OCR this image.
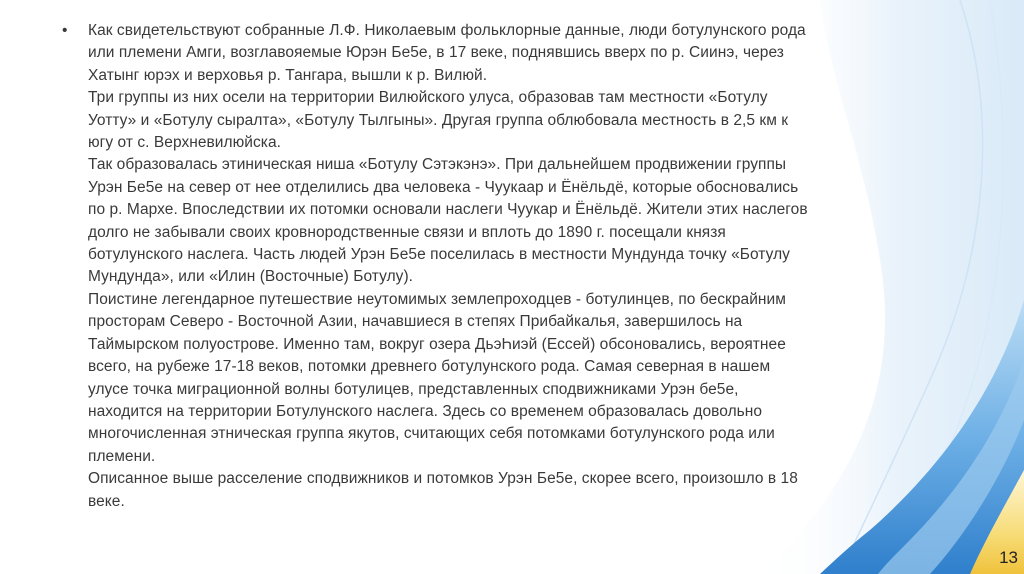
•	Как свидетельствуют собранные Л.Ф. Николаевым фольклорные данные, люди ботулунского рода
или племени Амги, возглавояемые Юрэн Бе5е, в 17 веке, поднявшись вверх по р. Сиинэ, через
Хатынг юрэх и верховья р. Тангара, вышли к р. Вилюй.
Три группы из них осели на территории Вилюйского улуса, образовав там местности «Ботулу
Уотту» и «Ботулу сыралта», «Ботулу Тылгыны». Другая группа облюбовала местность в 2,5 км к
югу от с. Верхневилюйска.
Так образовалась этиническая ниша «Ботулу Сэтэкэнэ». При дальнейшем продвижении группы
Урэн Бе5е на север от нее отделились два человека - Чуукаар и Ёнёльдё, которые обосновались
по р. Мархе. Впоследствии их потомки основали наслеги Чуукар и Ёнёльдё. Жители этих наслегов
долго не забывали своих кровнородственные связи и вплоть до 1890 г. посещали князя
ботулунского наслега. Часть людей Урэн Бе5е поселилась в местности Мундунда точку «Ботулу
Мундунда», или «Илин (Восточные) Ботулу).
Поистине легендарное путешествие неутомимых землепроходцев - ботулинцев, по бескрайним
просторам Северо - Восточной Азии, начавшиеся в степях Прибайкалья, завершилось на
Таймырском полуострове. Именно там, вокруг озера ДьэҺиэй (Ессей) обсоновались, вероятнее
всего, на рубеже 17-18 веков, потомки древнего ботулунского рода. Самая северная в нашем
улусе точка миграционной волны ботулицев, представленных сподвижниками Урэн бе5е,
находится на территории Ботулунского наслега. Здесь со временем образовалась довольно
многочисленная этническая группа якутов, считающих себя потомками ботулунского рода или
племени.
Описанное выше расселение сподвижников и потомков Урэн Бе5е, скорее всего, произошло в 18
веке.
13
